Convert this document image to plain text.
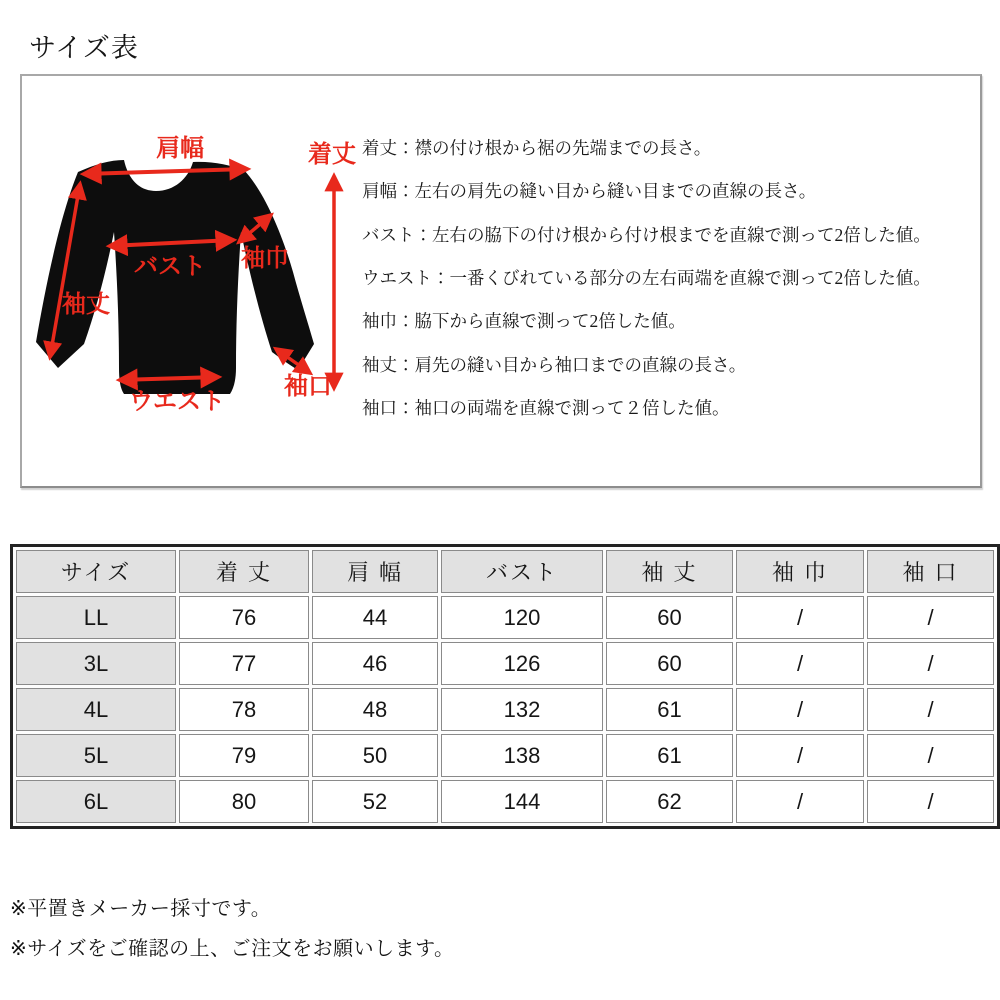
サイズ表
肩幅	着丈
バスト 袖巾
袖丈
ウエスト
袖口
着丈：襟の付け根から裾の先端までの長さ。
肩幅：左右の肩先の縫い目から縫い目までの直線の長さ。
バスト：左右の脇下の付け根から付け根までを直線で測って2倍した値。
ウエスト：一番くびれている部分の左右両端を直線で測って2倍した値。
袖巾：脇下から直線で測って2倍した値。
袖丈：肩先の縫い目から袖口までの直線の長さ。
袖口：袖口の両端を直線で測って２倍した値。
サイズ	着 丈	肩 幅	バスト	袖 丈	袖 巾	袖 口
LL	76	44	120	60	/	/
3L	77	46	126	60	/	/
4L	78	48	132	61	/	/
5L	79	50	138	61	/	/
6L	80	52	144	62	/	/
※平置きメーカー採寸です。
※サイズをご確認の上、ご注文をお願いします。
